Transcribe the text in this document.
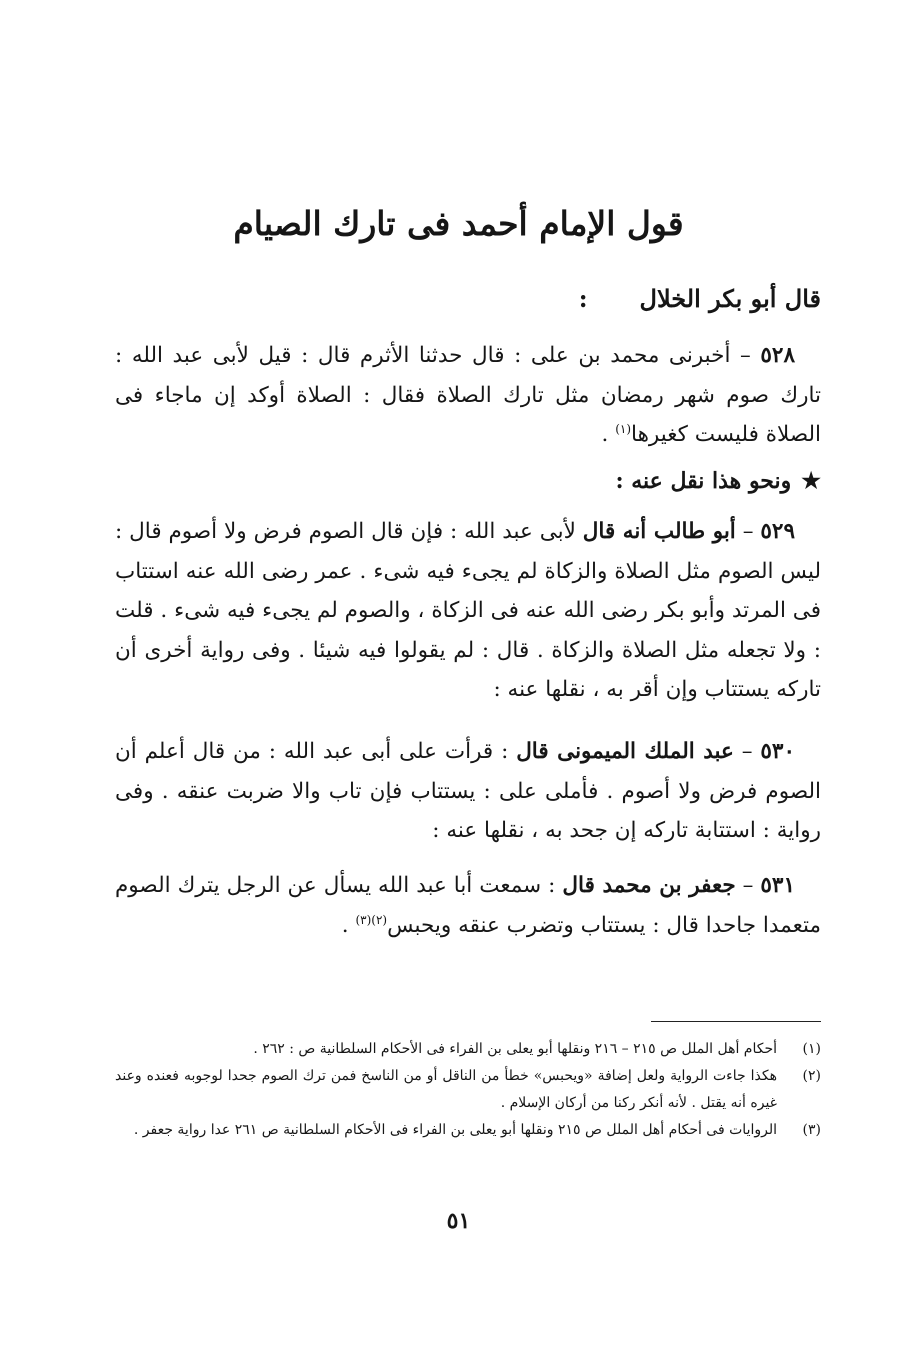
قول الإمام أحمد فى تارك الصيام
قال أبو بكر الخلال:
٥٢٨ – أخبرنى محمد بن على : قال حدثنا الأثرم قال : قيل لأبى عبد الله : تارك صوم شهر رمضان مثل تارك الصلاة فقال : الصلاة أوكد إن ماجاء فى الصلاة فليست كغيرها$^{(١)}$ .
★ونحو هذا نقل عنه :
٥٢٩ – أبو طالب أنه قال لأبى عبد الله : فإن قال الصوم فرض ولا أصوم قال : ليس الصوم مثل الصلاة والزكاة لم يجىء فيه شىء . عمر رضى الله عنه استتاب فى المرتد وأبو بكر رضى الله عنه فى الزكاة ، والصوم لم يجىء فيه شىء . قلت : ولا تجعله مثل الصلاة والزكاة . قال : لم يقولوا فيه شيئا . وفى رواية أخرى أن تاركه يستتاب وإن أقر به ، نقلها عنه :
٥٣٠ – عبد الملك الميمونى قال : قرأت على أبى عبد الله : من قال أعلم أن الصوم فرض ولا أصوم . فأملى على : يستتاب فإن تاب والا ضربت عنقه . وفى رواية : استتابة تاركه إن جحد به ، نقلها عنه :
٥٣١ – جعفر بن محمد قال : سمعت أبا عبد الله يسأل عن الرجل يترك الصوم متعمدا جاحدا قال : يستتاب وتضرب عنقه ويحبس$^{(٢)(٣)}$ .
(١)
أحكام أهل الملل ص ٢١٥ – ٢١٦ ونقلها أبو يعلى بن الفراء فى الأحكام السلطانية ص : ٢٦٢ .
(٢)
هكذا جاءت الرواية ولعل إضافة «ويحبس» خطأ من الناقل أو من الناسخ فمن ترك الصوم جحدا لوجوبه فعنده وعند غيره أنه يقتل . لأنه أنكر ركنا من أركان الإسلام .
(٣)
الروايات فى أحكام أهل الملل ص ٢١٥ ونقلها أبو يعلى بن الفراء فى الأحكام السلطانية ص ٢٦١ عدا رواية جعفر .
٥١
